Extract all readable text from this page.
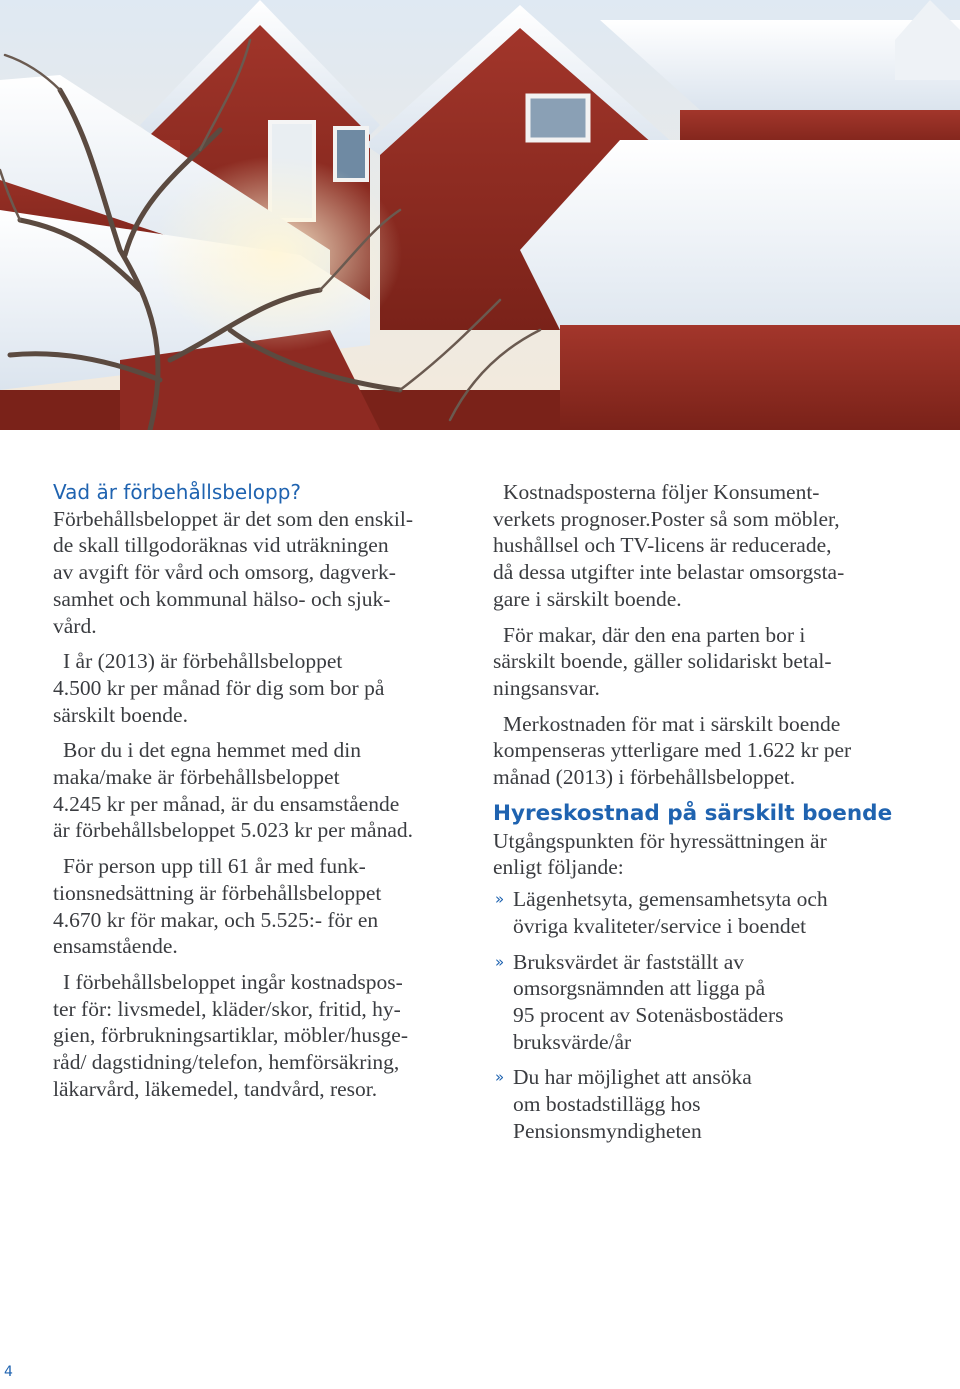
Vad är förbehållsbelopp?

Förbehållsbeloppet är det som den enskil-
de skall tillgodoräknas vid uträkningen
av avgift för vård och omsorg, dagverk-
samhet och kommunal hälso- och sjuk-
vård.

I år (2013) är förbehållsbeloppet
4.500 kr per månad för dig som bor på
särskilt boende.

Bor du i det egna hemmet med din
maka/make är förbehållsbeloppet
4.245 kr per månad, är du ensamstående
är förbehållsbeloppet 5.023 kr per månad.

För person upp till 61 år med funk-
tionsnedsättning är förbehållsbeloppet
4.670 kr för makar, och 5.525:- för en
ensamstående.

I förbehållsbeloppet ingår kostnadspos-
ter för: livsmedel, kläder/skor, fritid, hy-
gien, förbrukningsartiklar, möbler/husge-
råd/ dagstidning/telefon, hemförsäkring,
läkarvård, läkemedel, tandvård, resor.

Kostnadsposterna följer Konsument-
verkets prognoser.Poster så som möbler,
hushållsel och TV-licens är reducerade,
då dessa utgifter inte belastar omsorgsta-
gare i särskilt boende.

För makar, där den ena parten bor i
särskilt boende, gäller solidariskt betal-
ningsansvar.

Merkostnaden för mat i särskilt boende
kompenseras ytterligare med 1.622 kr per
månad (2013) i förbehållsbeloppet.

Hyreskostnad på särskilt boende

Utgångspunkten för hyressättningen är
enligt följande:

» Lägenhetsyta, gemensamhetsyta och
övriga kvaliteter/service i boendet
» Bruksvärdet är fastställt av
omsorgsnämnden att ligga på
95 procent av Sotenäsbostäders
bruksvärde/år
» Du har möjlighet att ansöka
om bostadstillägg hos
Pensionsmyndigheten
4
